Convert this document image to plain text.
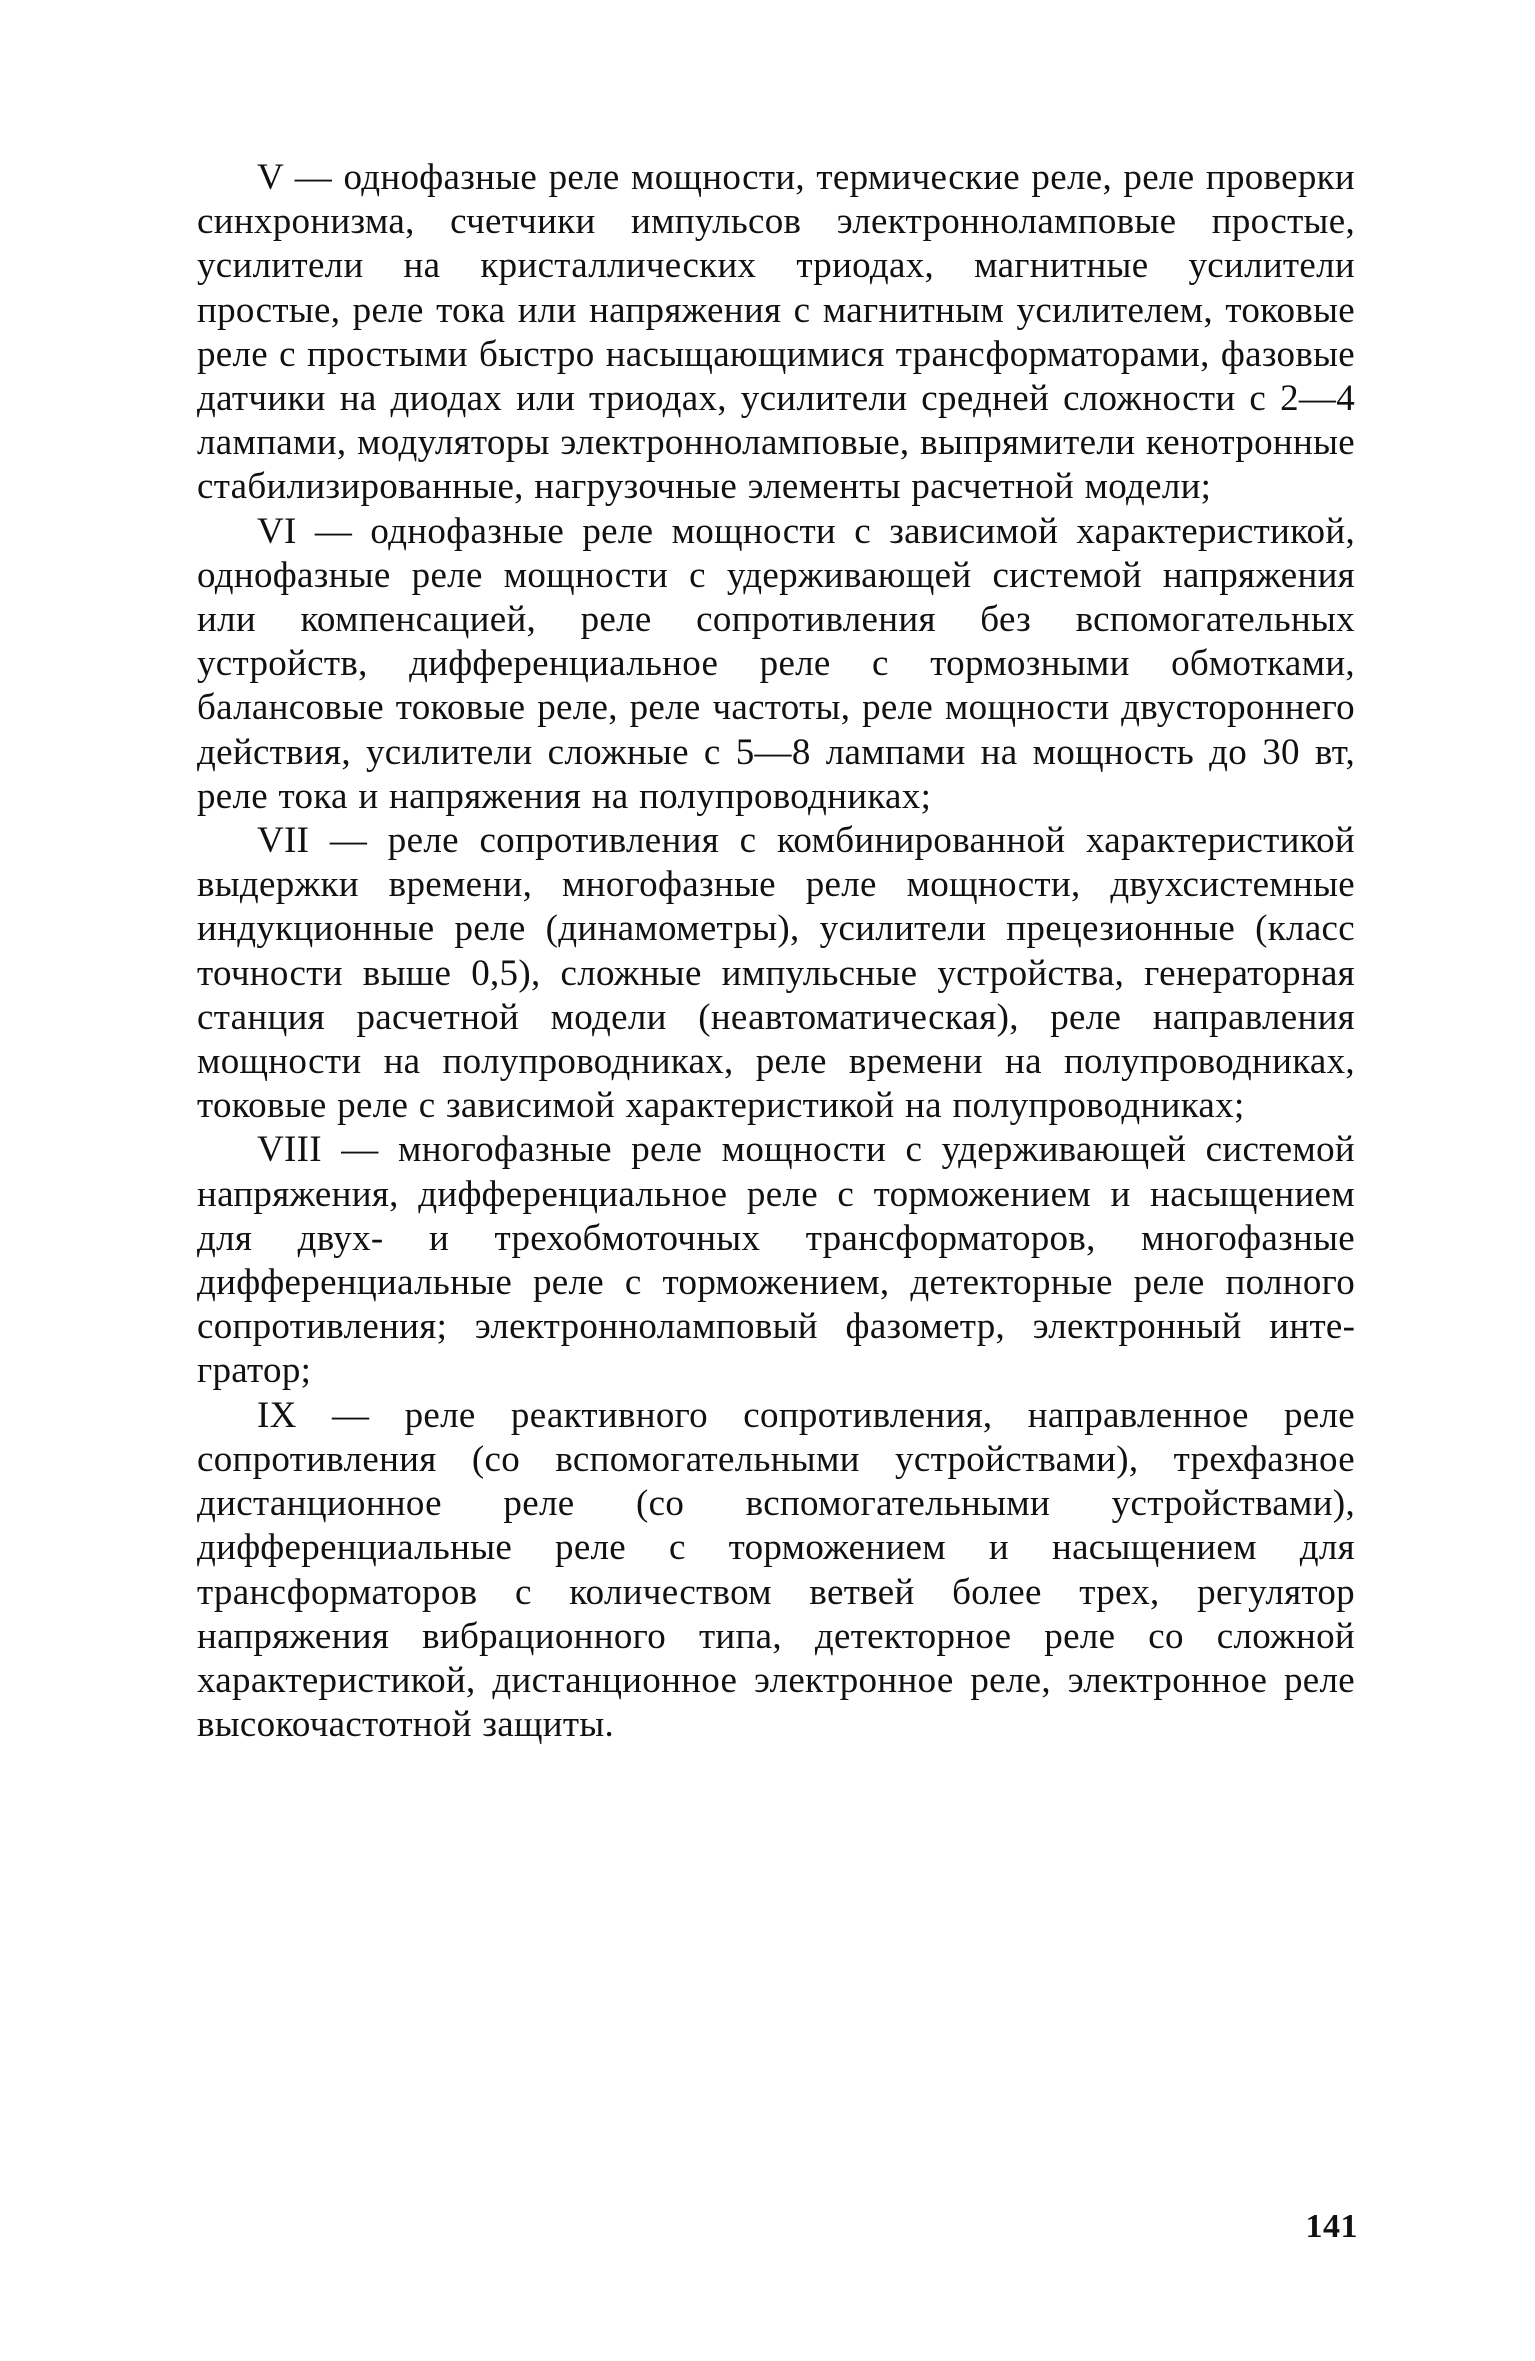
V — однофазные реле мощности, термические реле, реле проверки синхронизма, счетчики импульсов электронноламповые простые, усилители на кристаллических триодах, магнитные усилители простые, реле тока или напряжения с магнитным усилителем, токовые реле с простыми быстро насыщающимися трансформаторами, фазовые датчики на диодах или триодах, усилители средней сложности с 2—4 лампами, модуляторы электронноламповые, выпрямители кенотронные стабилизированные, нагрузочные элементы расчетной модели;

VI — однофазные реле мощности с зависимой характеристикой, однофазные реле мощности с удерживающей системой напряжения или компенсацией, реле сопротивления без вспомогательных устройств, дифференциальное реле с тормозными обмотками, балансовые токовые реле, реле частоты, реле мощности двустороннего действия, усилители сложные с 5—8 лампами на мощность до 30 вт, реле тока и напряжения на полупроводниках;

VII — реле сопротивления с комбинированной характеристикой выдержки времени, многофазные реле мощности, двухсистемные индукционные реле (динамометры), усилители прецезионные (класс точности выше 0,5), сложные импульсные устройства, генераторная станция расчетной модели (неавтоматическая), реле направления мощности на полупроводниках, реле времени на полупроводниках, токовые реле с зависимой характеристикой на полупроводниках;

VIII — многофазные реле мощности с удерживающей системой напряжения, дифференциальное реле с торможением и насыщением для двух- и трехобмоточных трансформаторов, многофазные дифференциальные реле с торможением, детекторные реле полного сопротивления; электронноламповый фазометр, электронный интегратор;

IX — реле реактивного сопротивления, направленное реле сопротивления (со вспомогательными устройствами), трехфазное дистанционное реле (со вспомогательными устройствами), дифференциальные реле с торможением и насыщением для трансформаторов с количеством ветвей более трех, регулятор напряжения вибрационного типа, детекторное реле со сложной характеристикой, дистанционное электронное реле, электронное реле высокочастотной защиты.

141
